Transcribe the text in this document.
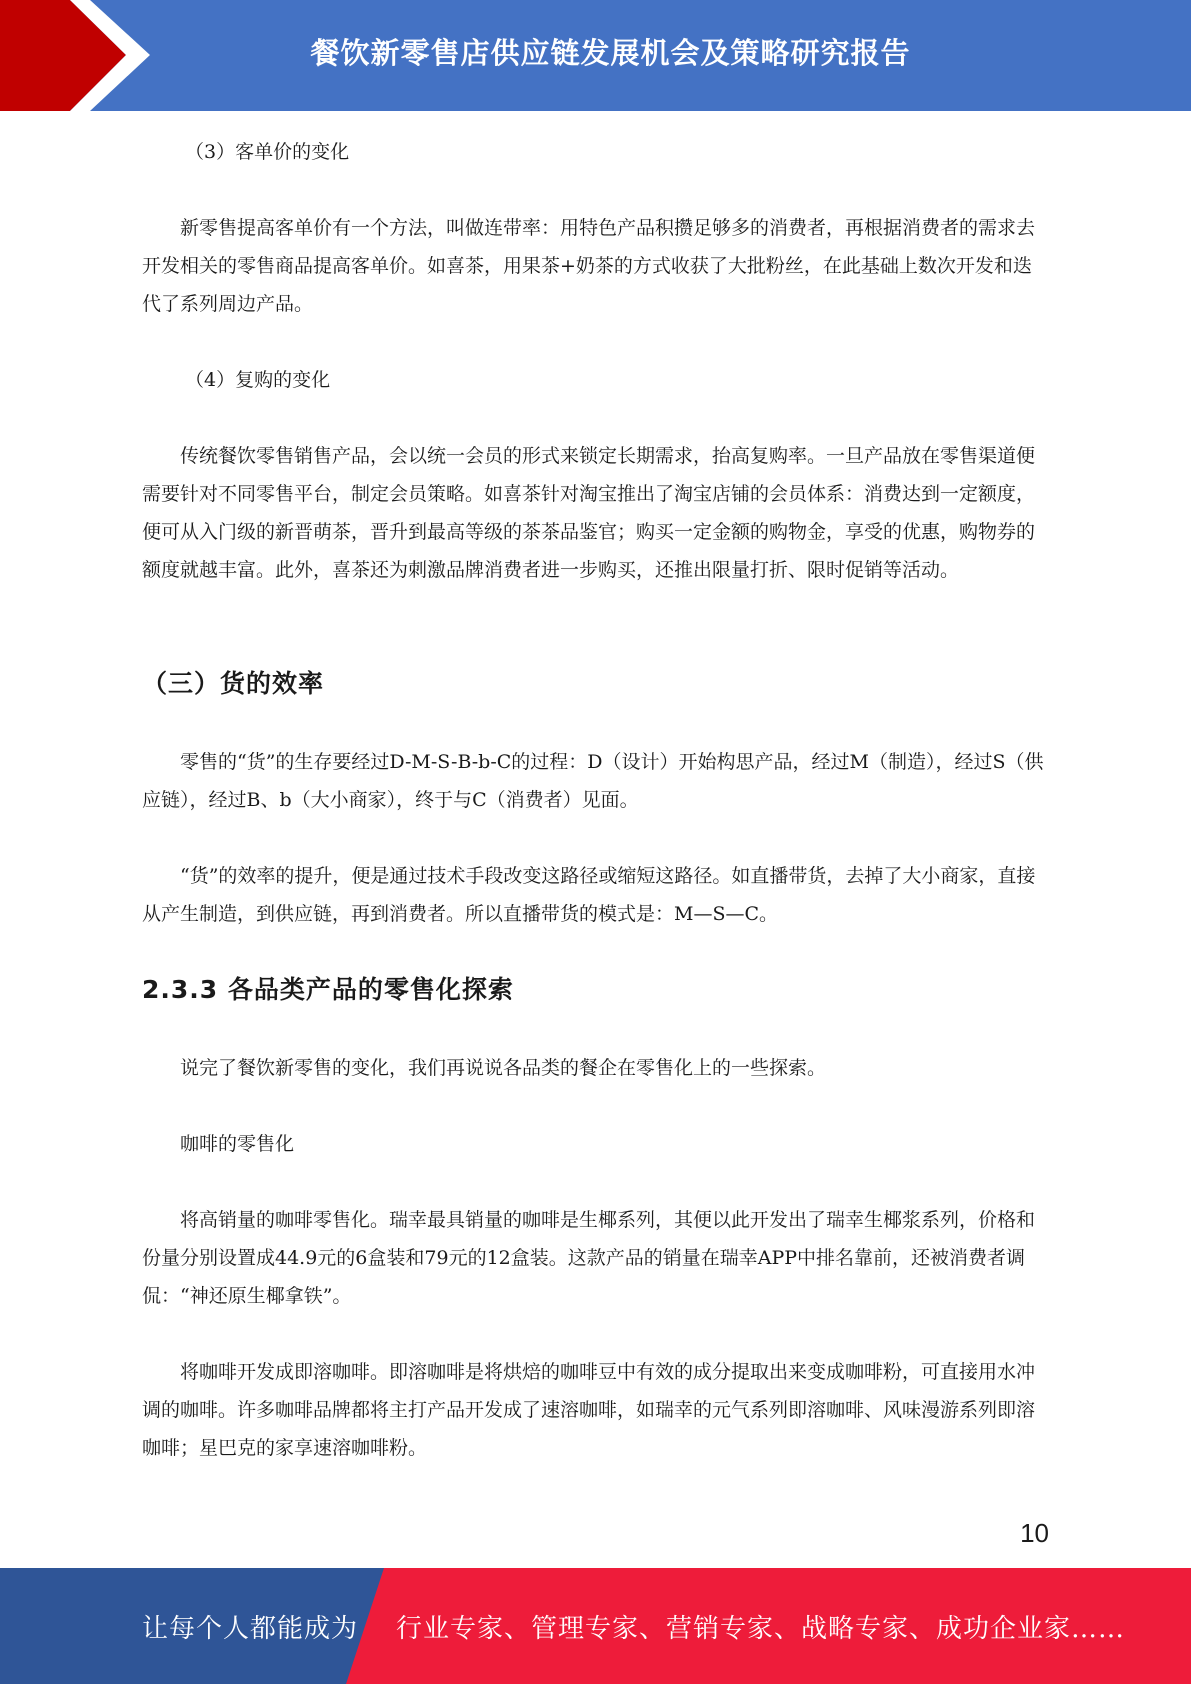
餐饮新零售店供应链发展机会及策略研究报告
（3）客单价的变化

新零售提高客单价有一个方法，叫做连带率：用特色产品积攒足够多的消费者，再根据消费者的需求去开发相关的零售商品提高客单价。如喜茶，用果茶+奶茶的方式收获了大批粉丝，在此基础上数次开发和迭代了系列周边产品。

（4）复购的变化

传统餐饮零售销售产品，会以统一会员的形式来锁定长期需求，抬高复购率。一旦产品放在零售渠道便需要针对不同零售平台，制定会员策略。如喜茶针对淘宝推出了淘宝店铺的会员体系：消费达到一定额度，便可从入门级的新晋萌茶，晋升到最高等级的茶茶品鉴官；购买一定金额的购物金，享受的优惠，购物券的额度就越丰富。此外，喜茶还为刺激品牌消费者进一步购买，还推出限量打折、限时促销等活动。

（三）货的效率

零售的“货”的生存要经过D-M-S-B-b-C的过程：D（设计）开始构思产品，经过M（制造），经过S（供应链），经过B、b（大小商家），终于与C（消费者）见面。

“货”的效率的提升，便是通过技术手段改变这路径或缩短这路径。如直播带货，去掉了大小商家，直接从产生制造，到供应链，再到消费者。所以直播带货的模式是：M—S—C。

2.3.3 各品类产品的零售化探索

说完了餐饮新零售的变化，我们再说说各品类的餐企在零售化上的一些探索。

咖啡的零售化

将高销量的咖啡零售化。瑞幸最具销量的咖啡是生椰系列，其便以此开发出了瑞幸生椰浆系列，价格和份量分别设置成44.9元的6盒装和79元的12盒装。这款产品的销量在瑞幸APP中排名靠前，还被消费者调侃：“神还原生椰拿铁”。

将咖啡开发成即溶咖啡。即溶咖啡是将烘焙的咖啡豆中有效的成分提取出来变成咖啡粉，可直接用水冲调的咖啡。许多咖啡品牌都将主打产品开发成了速溶咖啡，如瑞幸的元气系列即溶咖啡、风味漫游系列即溶咖啡；星巴克的家享速溶咖啡粉。

10
让每个人都能成为 行业专家、管理专家、营销专家、战略专家、成功企业家……
